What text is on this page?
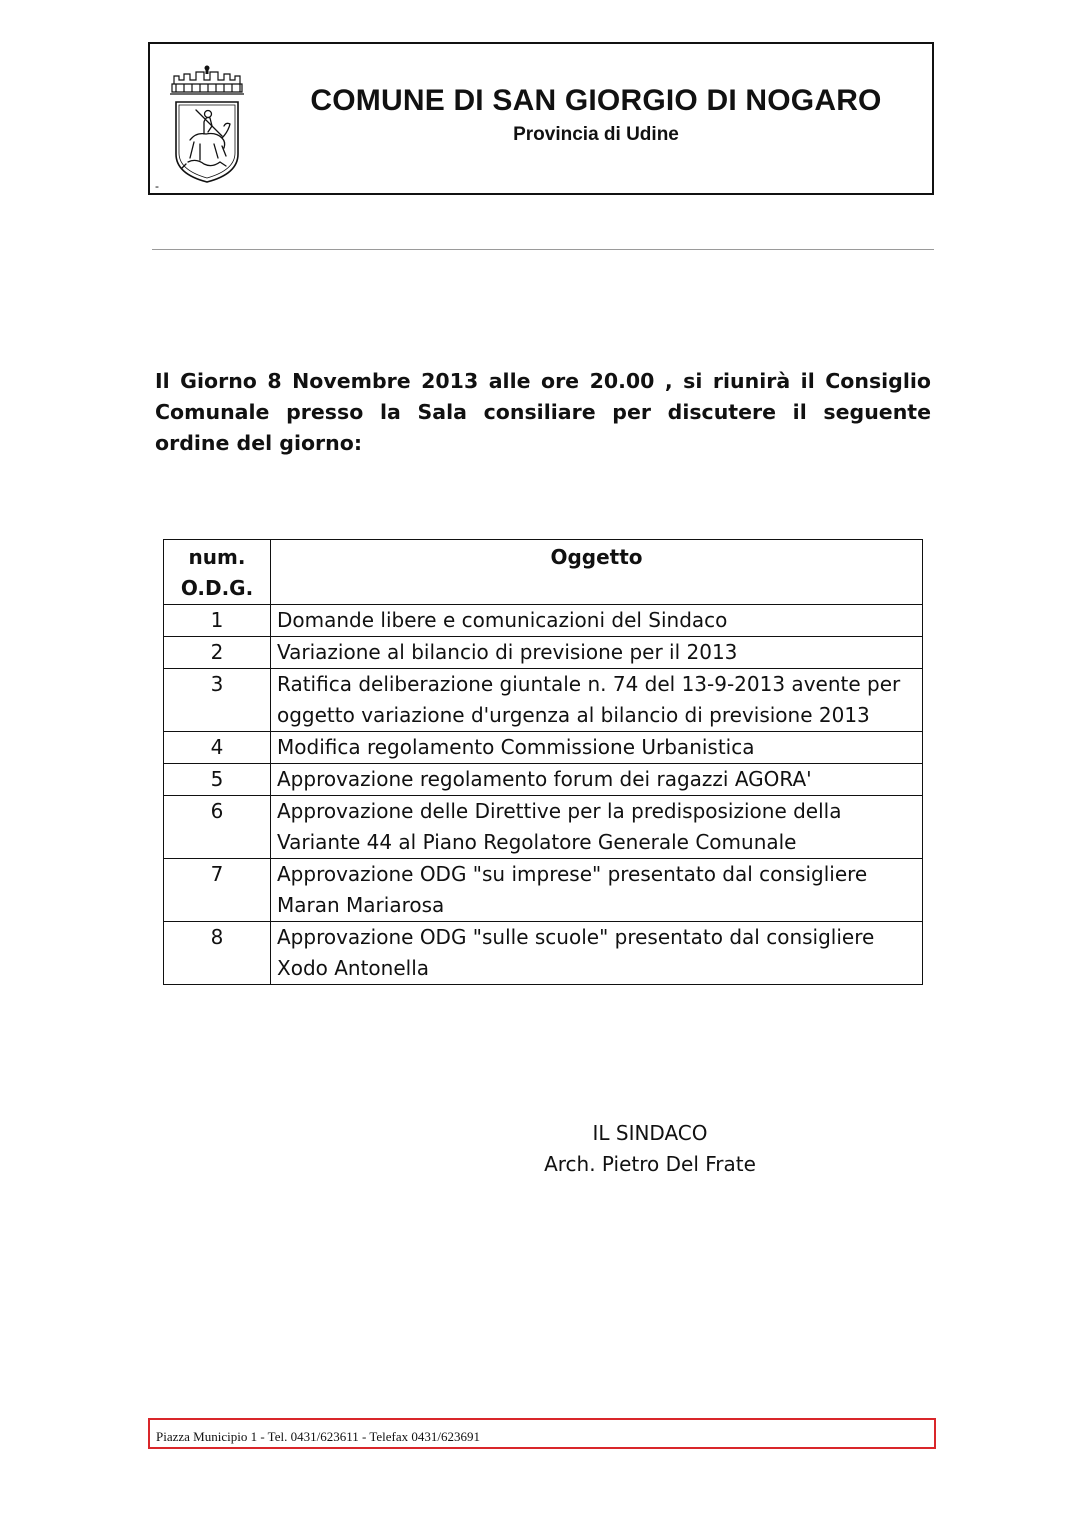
-
COMUNE DI SAN GIORGIO DI NOGARO
Provincia di Udine

Il Giorno 8 Novembre 2013 alle ore 20.00 , si riunirà il Consiglio Comunale presso la Sala consiliare per discutere il seguente ordine del giorno:

num. O.D.G.	Oggetto
1	Domande libere e comunicazioni del Sindaco
2	Variazione al bilancio di previsione per il 2013
3	Ratifica deliberazione giuntale n. 74 del 13-9-2013 avente per oggetto variazione d'urgenza al bilancio di previsione 2013
4	Modifica regolamento Commissione Urbanistica
5	Approvazione regolamento forum dei ragazzi AGORA'
6	Approvazione delle Direttive per la predisposizione della Variante 44 al Piano Regolatore Generale Comunale
7	Approvazione ODG "su imprese" presentato dal consigliere Maran Mariarosa
8	Approvazione ODG "sulle scuole" presentato dal consigliere Xodo Antonella
IL SINDACO
Arch. Pietro Del Frate
Piazza Municipio 1 - Tel. 0431/623611 - Telefax 0431/623691
